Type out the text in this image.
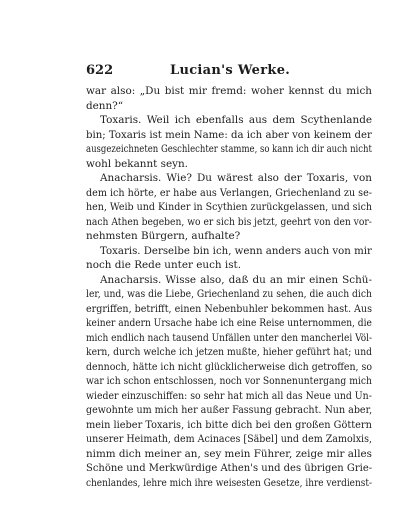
622	Lucian's Werke.
war also: „Du bist mir fremd: woher kennst du mich
denn?“
Toxaris. Weil ich ebenfalls aus dem Scythenlande
bin; Toxaris ist mein Name: da ich aber von keinem der
ausgezeichneten Geschlechter stamme, so kann ich dir auch nicht
wohl bekannt seyn.
Anacharsis. Wie? Du wärest also der Toxaris, von
dem ich hörte, er habe aus Verlangen, Griechenland zu se-
hen, Weib und Kinder in Scythien zurückgelassen, und sich
nach Athen begeben, wo er sich bis jetzt, geehrt von den vor-
nehmsten Bürgern, aufhalte?
Toxaris. Derselbe bin ich, wenn anders auch von mir
noch die Rede unter euch ist.
Anacharsis. Wisse also, daß du an mir einen Schü-
ler, und, was die Liebe, Griechenland zu sehen, die auch dich
ergriffen, betrifft, einen Nebenbuhler bekommen hast. Aus
keiner andern Ursache habe ich eine Reise unternommen, die
mich endlich nach tausend Unfällen unter den mancherlei Völ-
kern, durch welche ich jetzen mußte, hieher geführt hat; und
dennoch, hätte ich nicht glücklicherweise dich getroffen, so
war ich schon entschlossen, noch vor Sonnenuntergang mich
wieder einzuschiffen: so sehr hat mich all das Neue und Un-
gewohnte um mich her außer Fassung gebracht. Nun aber,
mein lieber Toxaris, ich bitte dich bei den großen Göttern
unserer Heimath, dem Acinaces [Säbel] und dem Zamolxis,
nimm dich meiner an, sey mein Führer, zeige mir alles
Schöne und Merkwürdige Athen's und des übrigen Grie-
chenlandes, lehre mich ihre weisesten Gesetze, ihre verdienst-
